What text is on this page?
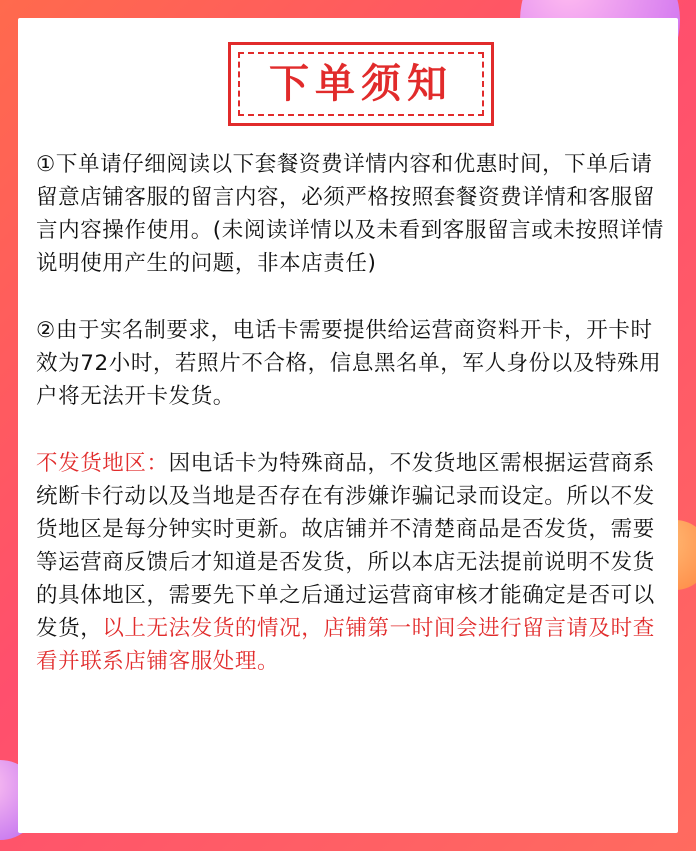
下单须知

①下单请仔细阅读以下套餐资费详情内容和优惠时间，下单后请留意店铺客服的留言内容，必须严格按照套餐资费详情和客服留言内容操作使用。(未阅读详情以及未看到客服留言或未按照详情说明使用产生的问题，非本店责任)

②由于实名制要求，电话卡需要提供给运营商资料开卡，开卡时效为72小时，若照片不合格，信息黑名单，军人身份以及特殊用户将无法开卡发货。

不发货地区：因电话卡为特殊商品，不发货地区需根据运营商系统断卡行动以及当地是否存在有涉嫌诈骗记录而设定。所以不发货地区是每分钟实时更新。故店铺并不清楚商品是否发货，需要等运营商反馈后才知道是否发货，所以本店无法提前说明不发货的具体地区，需要先下单之后通过运营商审核才能确定是否可以发货，以上无法发货的情况，店铺第一时间会进行留言请及时查看并联系店铺客服处理。
